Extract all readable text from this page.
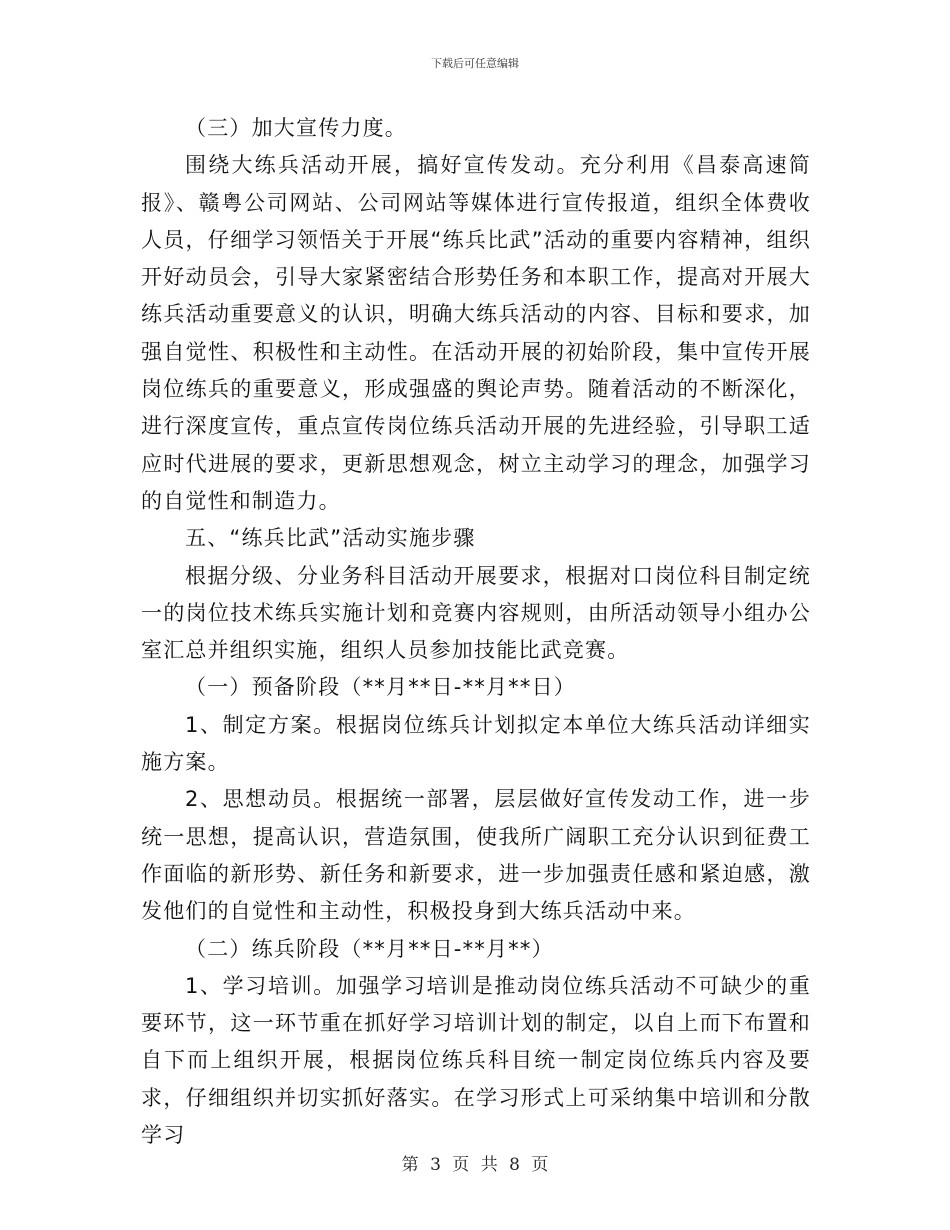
下载后可任意编辑

（三）加大宣传力度。

围绕大练兵活动开展，搞好宣传发动。充分利用《昌泰高速简报》、赣粤公司网站、公司网站等媒体进行宣传报道，组织全体费收人员，仔细学习领悟关于开展“练兵比武”活动的重要内容精神，组织开好动员会，引导大家紧密结合形势任务和本职工作，提高对开展大练兵活动重要意义的认识，明确大练兵活动的内容、目标和要求，加强自觉性、积极性和主动性。在活动开展的初始阶段，集中宣传开展岗位练兵的重要意义，形成强盛的舆论声势。随着活动的不断深化，进行深度宣传，重点宣传岗位练兵活动开展的先进经验，引导职工适应时代进展的要求，更新思想观念，树立主动学习的理念，加强学习的自觉性和制造力。

五、“练兵比武”活动实施步骤

根据分级、分业务科目活动开展要求，根据对口岗位科目制定统一的岗位技术练兵实施计划和竞赛内容规则，由所活动领导小组办公室汇总并组织实施，组织人员参加技能比武竞赛。

（一）预备阶段（**月**日-**月**日）

1、制定方案。根据岗位练兵计划拟定本单位大练兵活动详细实施方案。

2、思想动员。根据统一部署，层层做好宣传发动工作，进一步统一思想，提高认识，营造氛围，使我所广阔职工充分认识到征费工作面临的新形势、新任务和新要求，进一步加强责任感和紧迫感，激发他们的自觉性和主动性，积极投身到大练兵活动中来。

（二）练兵阶段（**月**日-**月**）

1、学习培训。加强学习培训是推动岗位练兵活动不可缺少的重要环节，这一环节重在抓好学习培训计划的制定，以自上而下布置和自下而上组织开展，根据岗位练兵科目统一制定岗位练兵内容及要求，仔细组织并切实抓好落实。在学习形式上可采纳集中培训和分散学习

第 3 页 共 8 页
